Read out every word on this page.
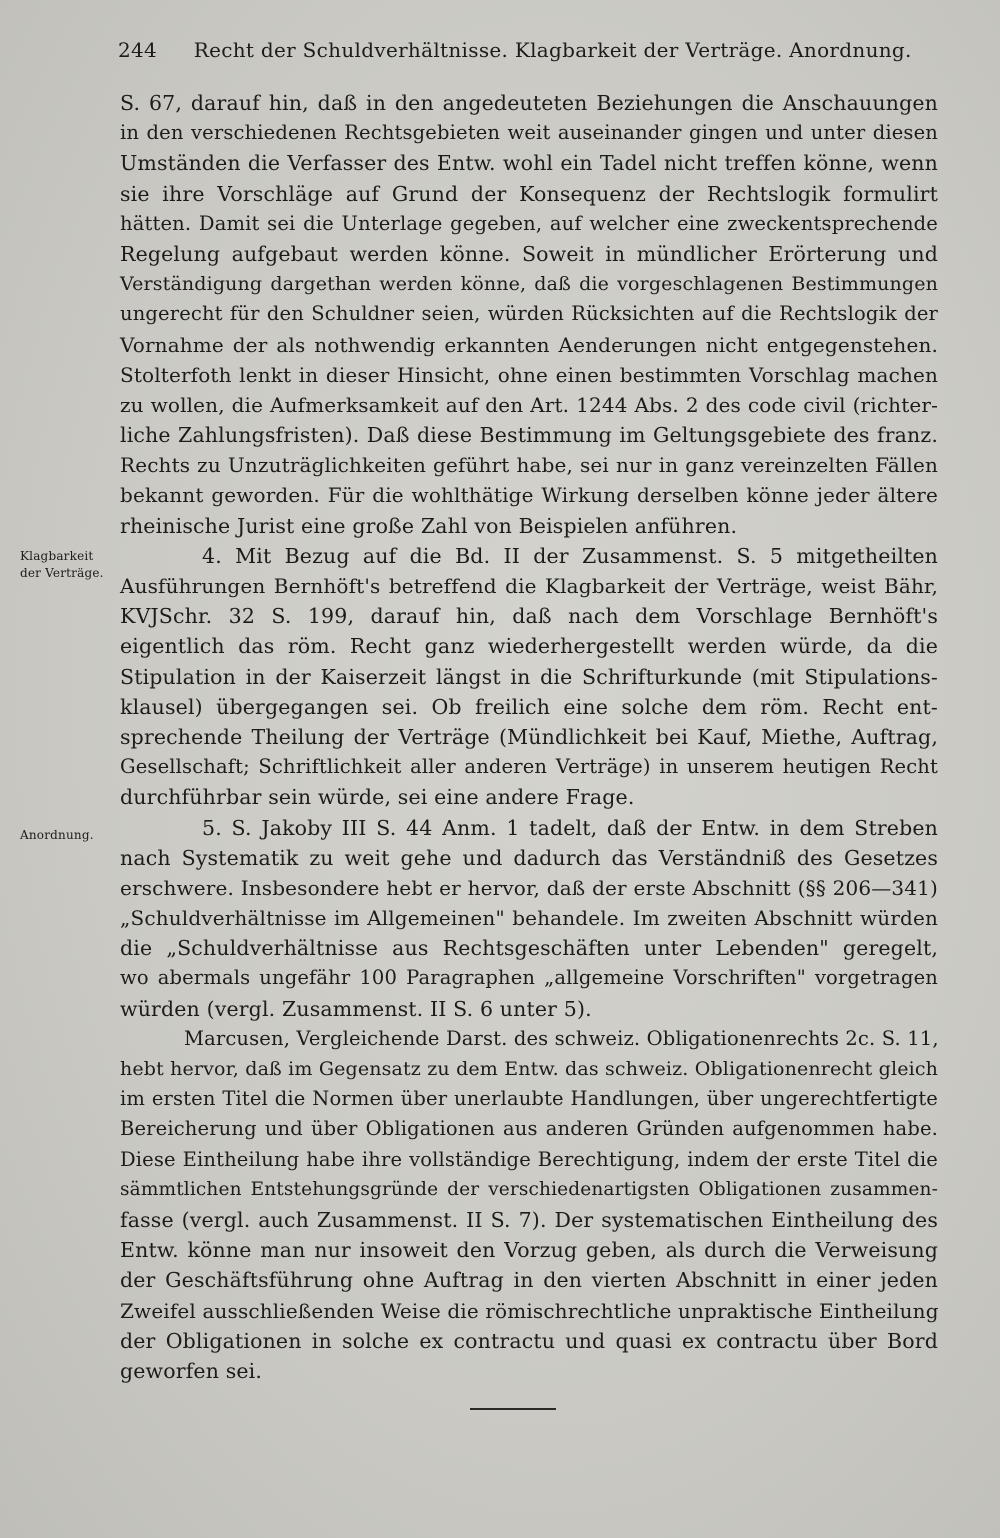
244 Recht der Schuldverhältnisse. Klagbarkeit der Verträge. Anordnung.
Klagbarkeit
der Verträge.
Anordnung.
S. 67, darauf hin, daß in den angedeuteten Beziehungen die Anschauungen
in den verschiedenen Rechtsgebieten weit auseinander gingen und unter diesen
Umständen die Verfasser des Entw. wohl ein Tadel nicht treffen könne, wenn
sie ihre Vorschläge auf Grund der Konsequenz der Rechtslogik formulirt
hätten. Damit sei die Unterlage gegeben, auf welcher eine zweckentsprechende
Regelung aufgebaut werden könne. Soweit in mündlicher Erörterung und
Verständigung dargethan werden könne, daß die vorgeschlagenen Bestimmungen
ungerecht für den Schuldner seien, würden Rücksichten auf die Rechtslogik der
Vornahme der als nothwendig erkannten Aenderungen nicht entgegenstehen.
Stolterfoth lenkt in dieser Hinsicht, ohne einen bestimmten Vorschlag machen
zu wollen, die Aufmerksamkeit auf den Art. 1244 Abs. 2 des code civil (richter-
liche Zahlungsfristen). Daß diese Bestimmung im Geltungsgebiete des franz.
Rechts zu Unzuträglichkeiten geführt habe, sei nur in ganz vereinzelten Fällen
bekannt geworden. Für die wohlthätige Wirkung derselben könne jeder ältere
rheinische Jurist eine große Zahl von Beispielen anführen.
4. Mit Bezug auf die Bd. II der Zusammenst. S. 5 mitgetheilten
Ausführungen Bernhöft's betreffend die Klagbarkeit der Verträge, weist Bähr,
KVJSchr. 32 S. 199, darauf hin, daß nach dem Vorschlage Bernhöft's
eigentlich das röm. Recht ganz wiederhergestellt werden würde, da die
Stipulation in der Kaiserzeit längst in die Schrifturkunde (mit Stipulations-
klausel) übergegangen sei. Ob freilich eine solche dem röm. Recht ent-
sprechende Theilung der Verträge (Mündlichkeit bei Kauf, Miethe, Auftrag,
Gesellschaft; Schriftlichkeit aller anderen Verträge) in unserem heutigen Recht
durchführbar sein würde, sei eine andere Frage.
5. S. Jakoby III S. 44 Anm. 1 tadelt, daß der Entw. in dem Streben
nach Systematik zu weit gehe und dadurch das Verständniß des Gesetzes
erschwere. Insbesondere hebt er hervor, daß der erste Abschnitt (§§ 206—341)
„Schuldverhältnisse im Allgemeinen" behandele. Im zweiten Abschnitt würden
die „Schuldverhältnisse aus Rechtsgeschäften unter Lebenden" geregelt,
wo abermals ungefähr 100 Paragraphen „allgemeine Vorschriften" vorgetragen
würden (vergl. Zusammenst. II S. 6 unter 5).
Marcusen, Vergleichende Darst. des schweiz. Obligationenrechts 2c. S. 11,
hebt hervor, daß im Gegensatz zu dem Entw. das schweiz. Obligationenrecht gleich
im ersten Titel die Normen über unerlaubte Handlungen, über ungerechtfertigte
Bereicherung und über Obligationen aus anderen Gründen aufgenommen habe.
Diese Eintheilung habe ihre vollständige Berechtigung, indem der erste Titel die
sämmtlichen Entstehungsgründe der verschiedenartigsten Obligationen zusammen-
fasse (vergl. auch Zusammenst. II S. 7). Der systematischen Eintheilung des
Entw. könne man nur insoweit den Vorzug geben, als durch die Verweisung
der Geschäftsführung ohne Auftrag in den vierten Abschnitt in einer jeden
Zweifel ausschließenden Weise die römischrechtliche unpraktische Eintheilung
der Obligationen in solche ex contractu und quasi ex contractu über Bord
geworfen sei.
